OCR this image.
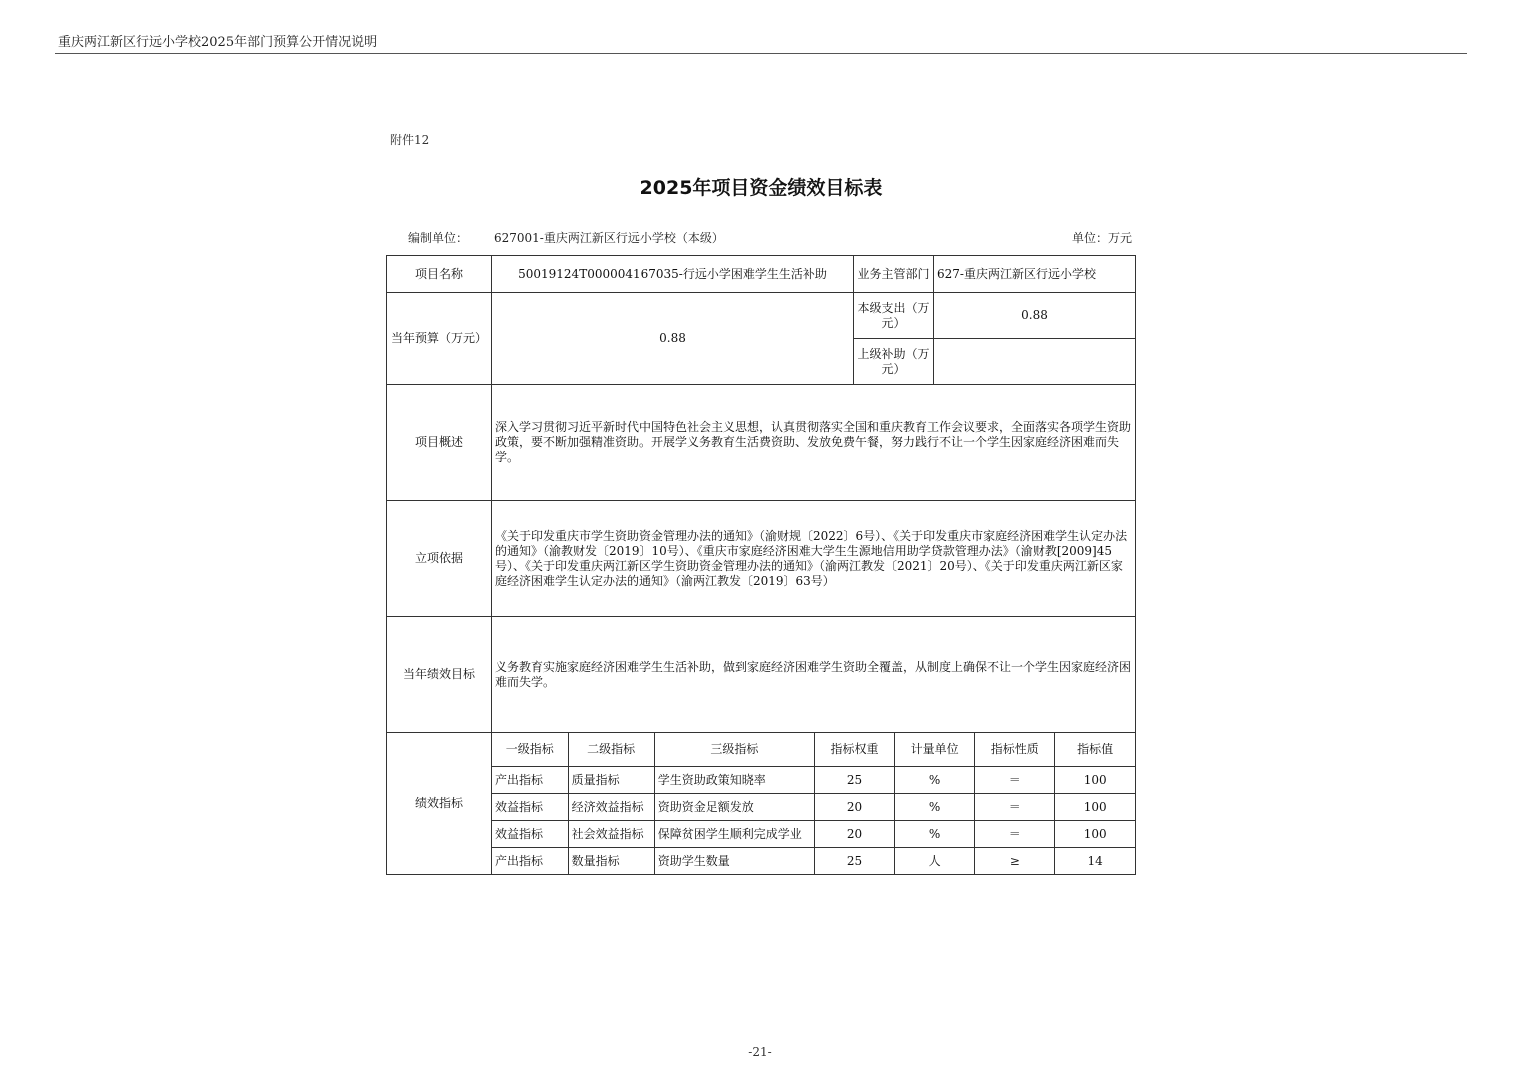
重庆两江新区行远小学校2025年部门预算公开情况说明
附件12
2025年项目资金绩效目标表
编制单位： 627001-重庆两江新区行远小学校（本级）	单位：万元
项目名称	50019124T000004167035-行远小学困难学生生活补助	业务主管部门	627-重庆两江新区行远小学校
当年预算（万元）	0.88	本级支出（万元）	0.88
上级补助（万元）	
项目概述	深入学习贯彻习近平新时代中国特色社会主义思想，认真贯彻落实全国和重庆教育工作会议要求，全面落实各项学生资助政策，要不断加强精准资助。开展学义务教育生活费资助、发放免费午餐，努力践行不让一个学生因家庭经济困难而失学。
立项依据	《关于印发重庆市学生资助资金管理办法的通知》（渝财规〔2022〕6号）、《关于印发重庆市家庭经济困难学生认定办法的通知》（渝教财发〔2019〕10号）、《重庆市家庭经济困难大学生生源地信用助学贷款管理办法》（渝财教[2009]45号）、《关于印发重庆两江新区学生资助资金管理办法的通知》（渝两江教发〔2021〕20号）、《关于印发重庆两江新区家庭经济困难学生认定办法的通知》（渝两江教发〔2019〕63号）
当年绩效目标	义务教育实施家庭经济困难学生生活补助，做到家庭经济困难学生资助全覆盖，从制度上确保不让一个学生因家庭经济困难而失学。
绩效指标	
一级指标	二级指标	三级指标	指标权重	计量单位	指标性质	指标值
产出指标	质量指标	学生资助政策知晓率	25	%	＝	100
效益指标	经济效益指标	资助资金足额发放	20	%	＝	100
效益指标	社会效益指标	保障贫困学生顺利完成学业	20	%	＝	100
产出指标	数量指标	资助学生数量	25	人	≥	14
-21-
